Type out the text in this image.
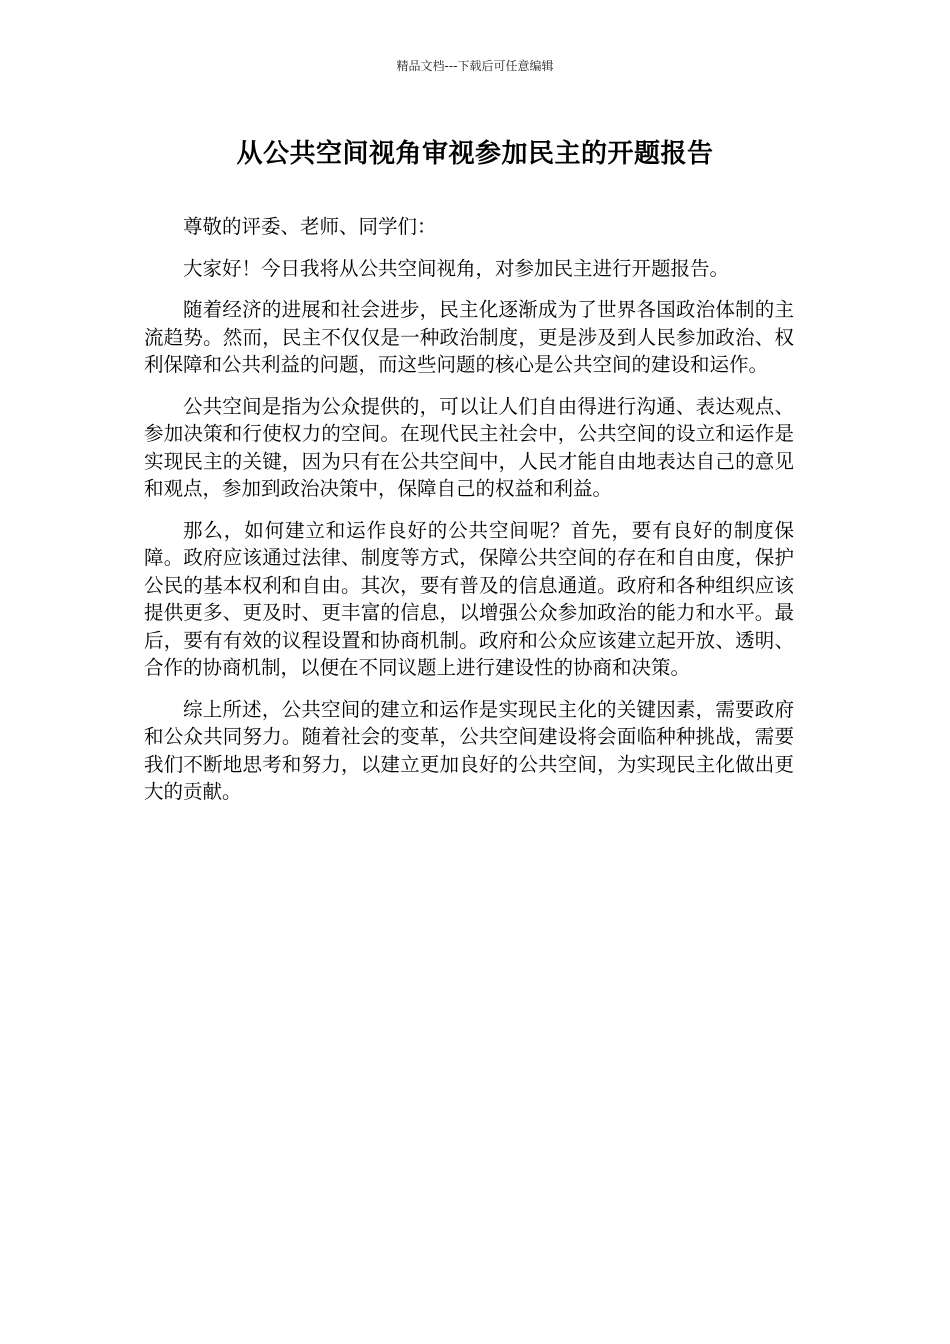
精品文档---下载后可任意编辑
从公共空间视角审视参加民主的开题报告

尊敬的评委、老师、同学们：

大家好！今日我将从公共空间视角，对参加民主进行开题报告。

随着经济的进展和社会进步，民主化逐渐成为了世界各国政治体制的主流趋势。然而，民主不仅仅是一种政治制度，更是涉及到人民参加政治、权利保障和公共利益的问题，而这些问题的核心是公共空间的建设和运作。

公共空间是指为公众提供的，可以让人们自由得进行沟通、表达观点、参加决策和行使权力的空间。在现代民主社会中，公共空间的设立和运作是实现民主的关键，因为只有在公共空间中，人民才能自由地表达自己的意见和观点，参加到政治决策中，保障自己的权益和利益。

那么，如何建立和运作良好的公共空间呢？首先，要有良好的制度保障。政府应该通过法律、制度等方式，保障公共空间的存在和自由度，保护公民的基本权利和自由。其次，要有普及的信息通道。政府和各种组织应该提供更多、更及时、更丰富的信息，以增强公众参加政治的能力和水平。最后，要有有效的议程设置和协商机制。政府和公众应该建立起开放、透明、合作的协商机制，以便在不同议题上进行建设性的协商和决策。

综上所述，公共空间的建立和运作是实现民主化的关键因素，需要政府和公众共同努力。随着社会的变革，公共空间建设将会面临种种挑战，需要我们不断地思考和努力，以建立更加良好的公共空间，为实现民主化做出更大的贡献。
